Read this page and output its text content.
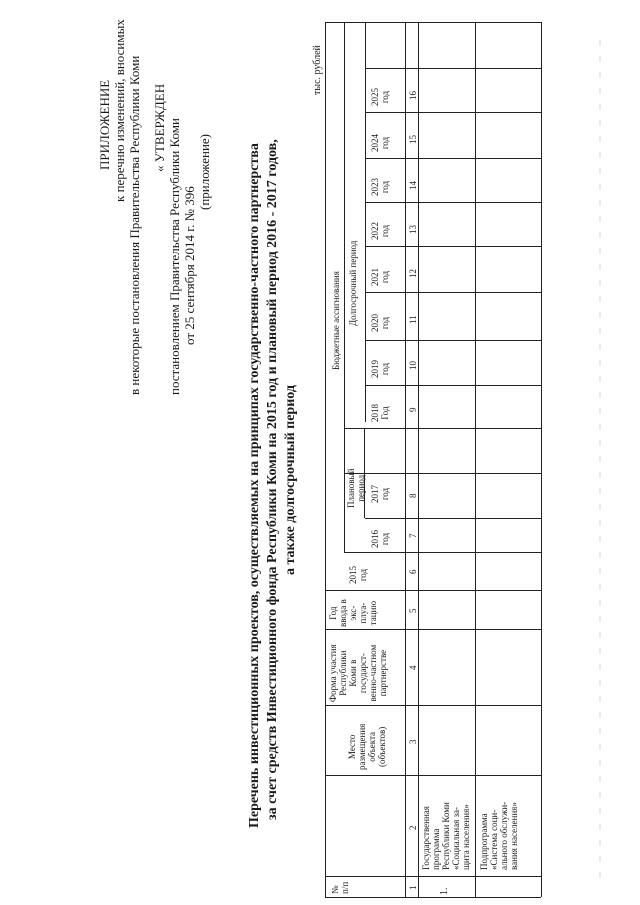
ПРИЛОЖЕНИЕ к перечню изменений, вносимых в некоторые постановления Правительства Республики Коми « УТВЕРЖДЕН постановлением Правительства Республики Коми от 25 сентября 2014 г. № 396
(приложение)	Перечень инвестиционных проектов, осуществляемых на принципах государственно-частного партнерства за счет средств Инвестиционного фонда Республики Коми на 2015 год и плановый период 2016 - 2017 годов, а также долгосрочный период
тыс. рублей
№ п/п
Место размещения объекта (объектов)
Форма участия Республики Коми в государст- венно-частном партнерстве
Год ввода в экс- плуа- тацию
Бюджетные ассигнования
2015 год
Плановый период
Долгосрочный период
2016 год
2017 год
2018 Год
2019 год
2020 год
2021 год
2022 год
2023 год
2024 год
2025 год
1
2
3
4
5
6
7
8
9
10
11
12
13
14
15
16
1.
Государственная программа Республики Коми «Социальная за- щита населения» Подпрограмма «Система соци- ального обслужи- вания населения»
